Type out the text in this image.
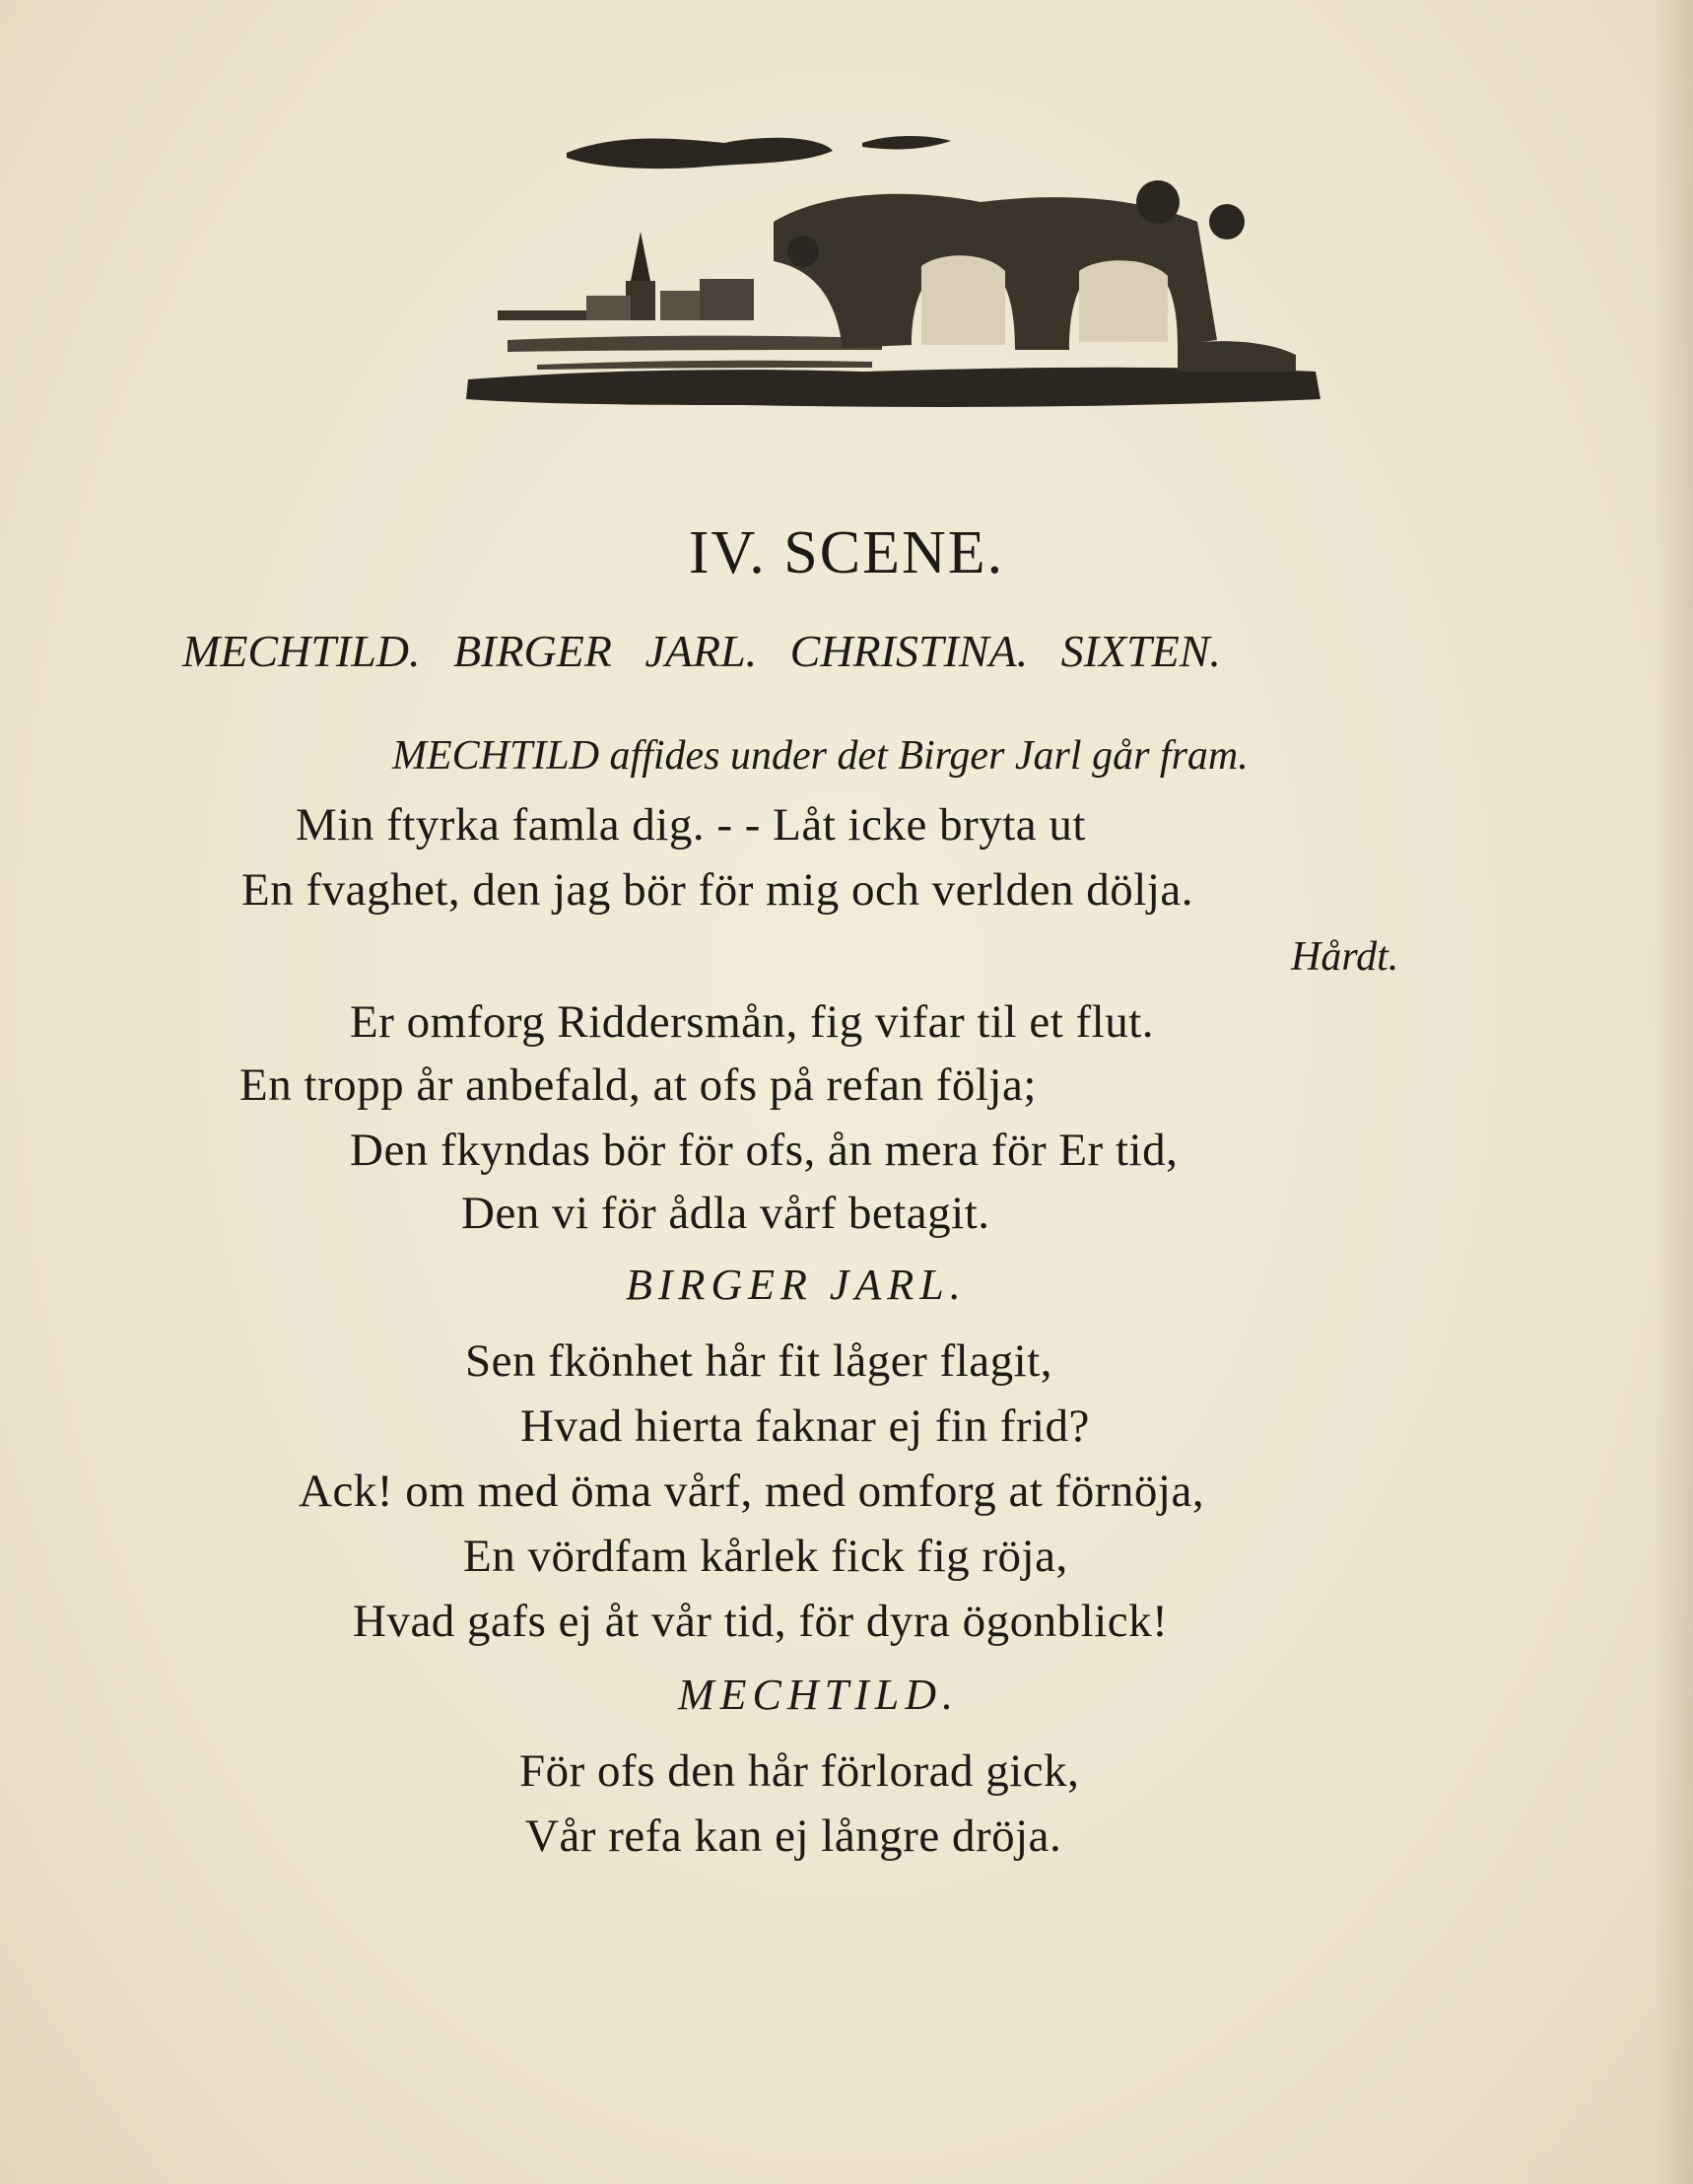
IV. SCENE.
MECHTILD. BIRGER JARL. CHRISTINA. SIXTEN.
MECHTILD affides under det Birger Jarl går fram.
Min ftyrka famla dig. - - Låt icke bryta ut
En fvaghet, den jag bör för mig och verlden dölja.
Hårdt.
Er omforg Riddersmån, fig vifar til et flut.
En tropp år anbefald, at ofs på refan följa;
Den fkyndas bör för ofs, ån mera för Er tid,
Den vi för ådla vårf betagit.
BIRGER JARL.
Sen fkönhet hår fit låger flagit,
Hvad hierta faknar ej fin frid?
Ack! om med öma vårf, med omforg at förnöja,
En vördfam kårlek fick fig röja,
Hvad gafs ej åt vår tid, för dyra ögonblick!
MECHTILD.
För ofs den hår förlorad gick,
Vår refa kan ej långre dröja.
